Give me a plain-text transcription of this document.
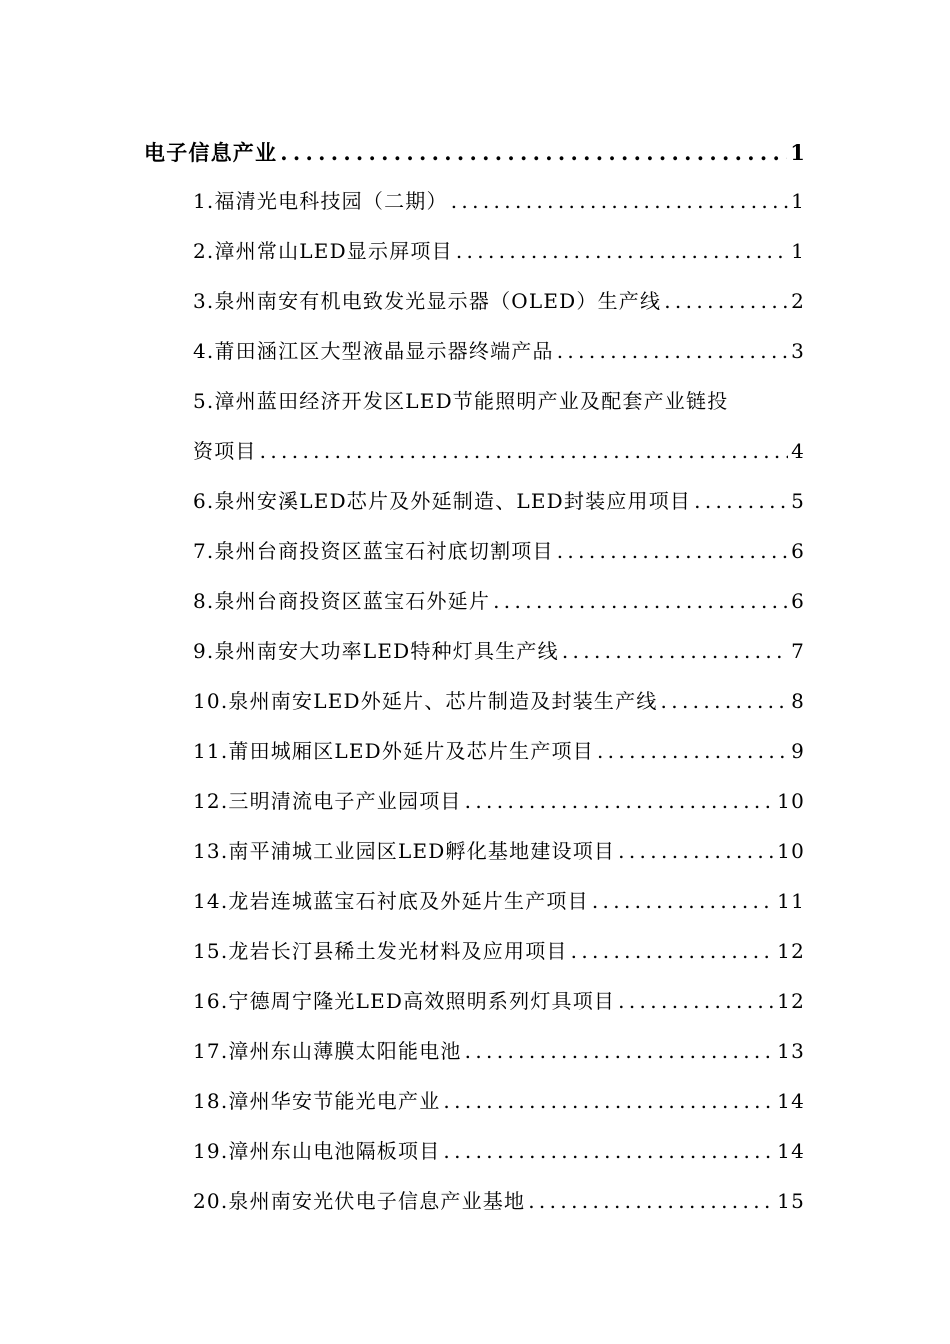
电子信息产业 . . .	1
1.福清光电科技园（二期） . . .	1
2.漳州常山LED显示屏项目 . . .	1
3.泉州南安有机电致发光显示器（OLED）生产线 . . .	2
4.莆田涵江区大型液晶显示器终端产品 . . .	3
5.漳州蓝田经济开发区LED节能照明产业及配套产业链投
资项目 . . .	4
6.泉州安溪LED芯片及外延制造、LED封装应用项目 . . .	5
7.泉州台商投资区蓝宝石衬底切割项目 . . .	6
8.泉州台商投资区蓝宝石外延片 . . .	6
9.泉州南安大功率LED特种灯具生产线 . . .	7
10.泉州南安LED外延片、芯片制造及封装生产线 . . .	8
11.莆田城厢区LED外延片及芯片生产项目 . . .	9
12.三明清流电子产业园项目 . . .	10
13.南平浦城工业园区LED孵化基地建设项目 . . .	10
14.龙岩连城蓝宝石衬底及外延片生产项目 . . .	11
15.龙岩长汀县稀土发光材料及应用项目 . . .	12
16.宁德周宁隆光LED高效照明系列灯具项目 . . .	12
17.漳州东山薄膜太阳能电池 . . .	13
18.漳州华安节能光电产业 . . .	14
19.漳州东山电池隔板项目 . . .	14
20.泉州南安光伏电子信息产业基地 . . .	15
